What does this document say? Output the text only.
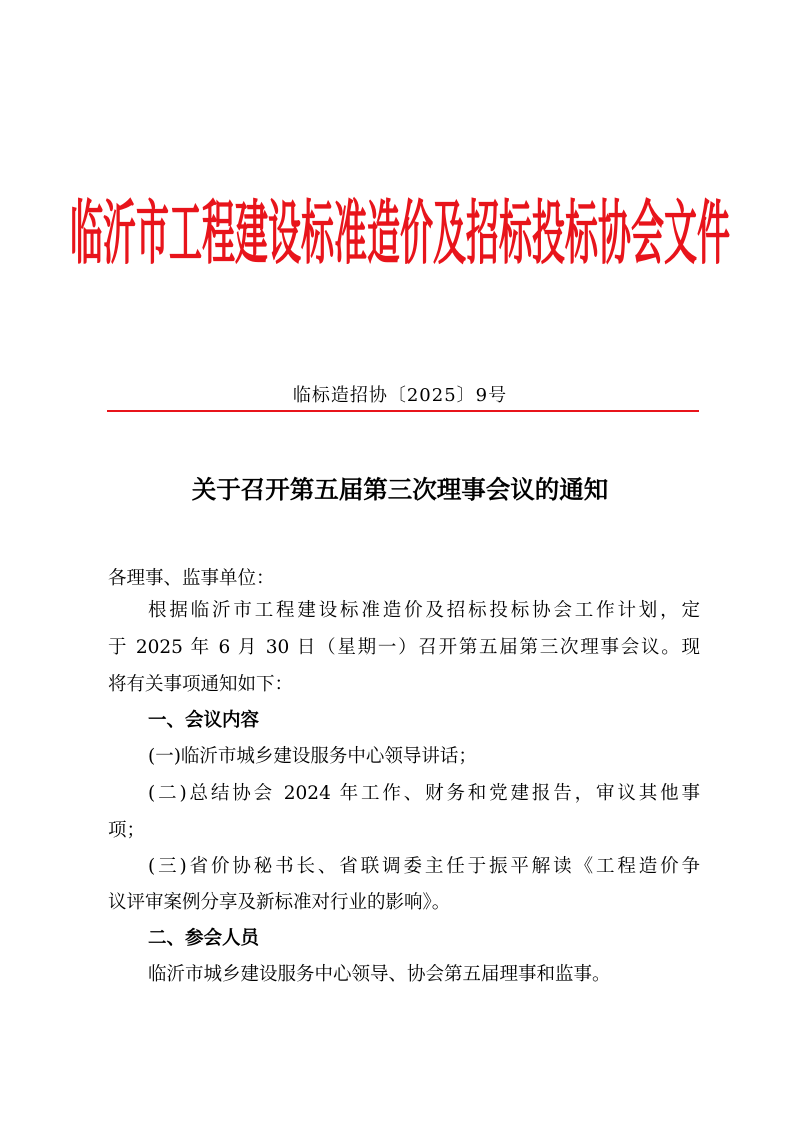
临沂市工程建设标准造价及招标投标协会文件
临标造招协〔2025〕9号
关于召开第五届第三次理事会议的通知
各理事、监事单位：
根据临沂市工程建设标准造价及招标投标协会工作计划，定
于 2025 年 6 月 30 日（星期一）召开第五届第三次理事会议。现
将有关事项通知如下：
一、会议内容
(一)临沂市城乡建设服务中心领导讲话；
(二)总结协会 2024 年工作、财务和党建报告，审议其他事
项；
(三)省价协秘书长、省联调委主任于振平解读《工程造价争
议评审案例分享及新标准对行业的影响》。
二、参会人员
临沂市城乡建设服务中心领导、协会第五届理事和监事。
